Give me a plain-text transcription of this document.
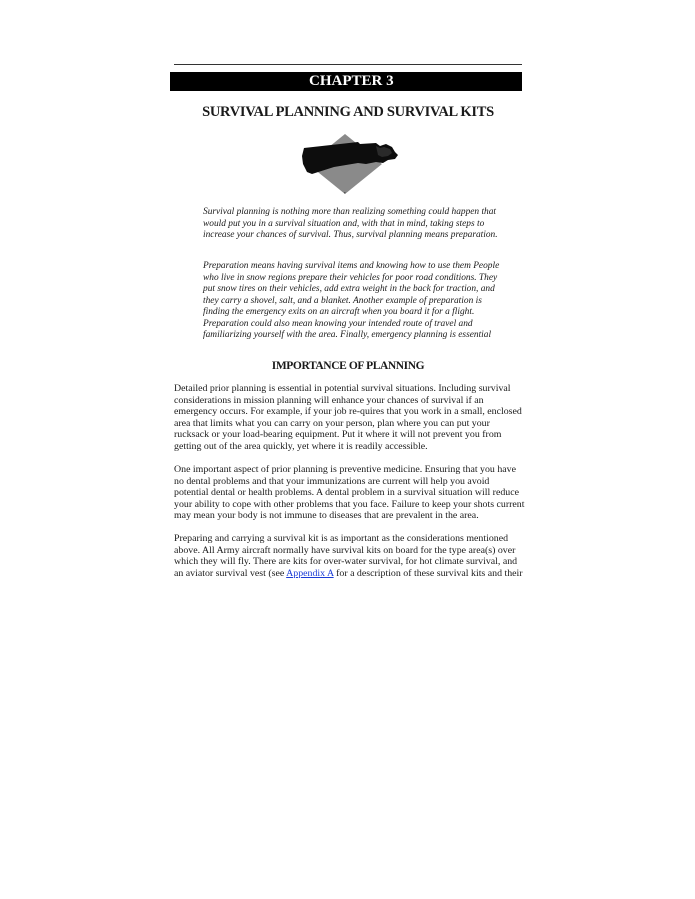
CHAPTER 3
SURVIVAL PLANNING AND SURVIVAL KITS

Survival planning is nothing more than realizing something could happen that would put you in a survival situation and, with that in mind, taking steps to increase your chances of survival. Thus, survival planning means preparation.

Preparation means having survival items and knowing how to use them People who live in snow regions prepare their vehicles for poor road conditions. They put snow tires on their vehicles, add extra weight in the back for traction, and they carry a shovel, salt, and a blanket. Another example of preparation is finding the emergency exits on an aircraft when you board it for a flight. Preparation could also mean knowing your intended route of travel and familiarizing yourself with the area. Finally, emergency planning is essential

IMPORTANCE OF PLANNING

Detailed prior planning is essential in potential survival situations. Including survival considerations in mission planning will enhance your chances of survival if an emergency occurs. For example, if your job re-quires that you work in a small, enclosed area that limits what you can carry on your person, plan where you can put your rucksack or your load-bearing equipment. Put it where it will not prevent you from getting out of the area quickly, yet where it is readily accessible.

One important aspect of prior planning is preventive medicine. Ensuring that you have no dental problems and that your immunizations are current will help you avoid potential dental or health problems. A dental problem in a survival situation will reduce your ability to cope with other problems that you face. Failure to keep your shots current may mean your body is not immune to diseases that are prevalent in the area.

Preparing and carrying a survival kit is as important as the considerations mentioned above. All Army aircraft normally have survival kits on board for the type area(s) over which they will fly. There are kits for over-water survival, for hot climate survival, and an aviator survival vest (see Appendix A for a description of these survival kits and their
